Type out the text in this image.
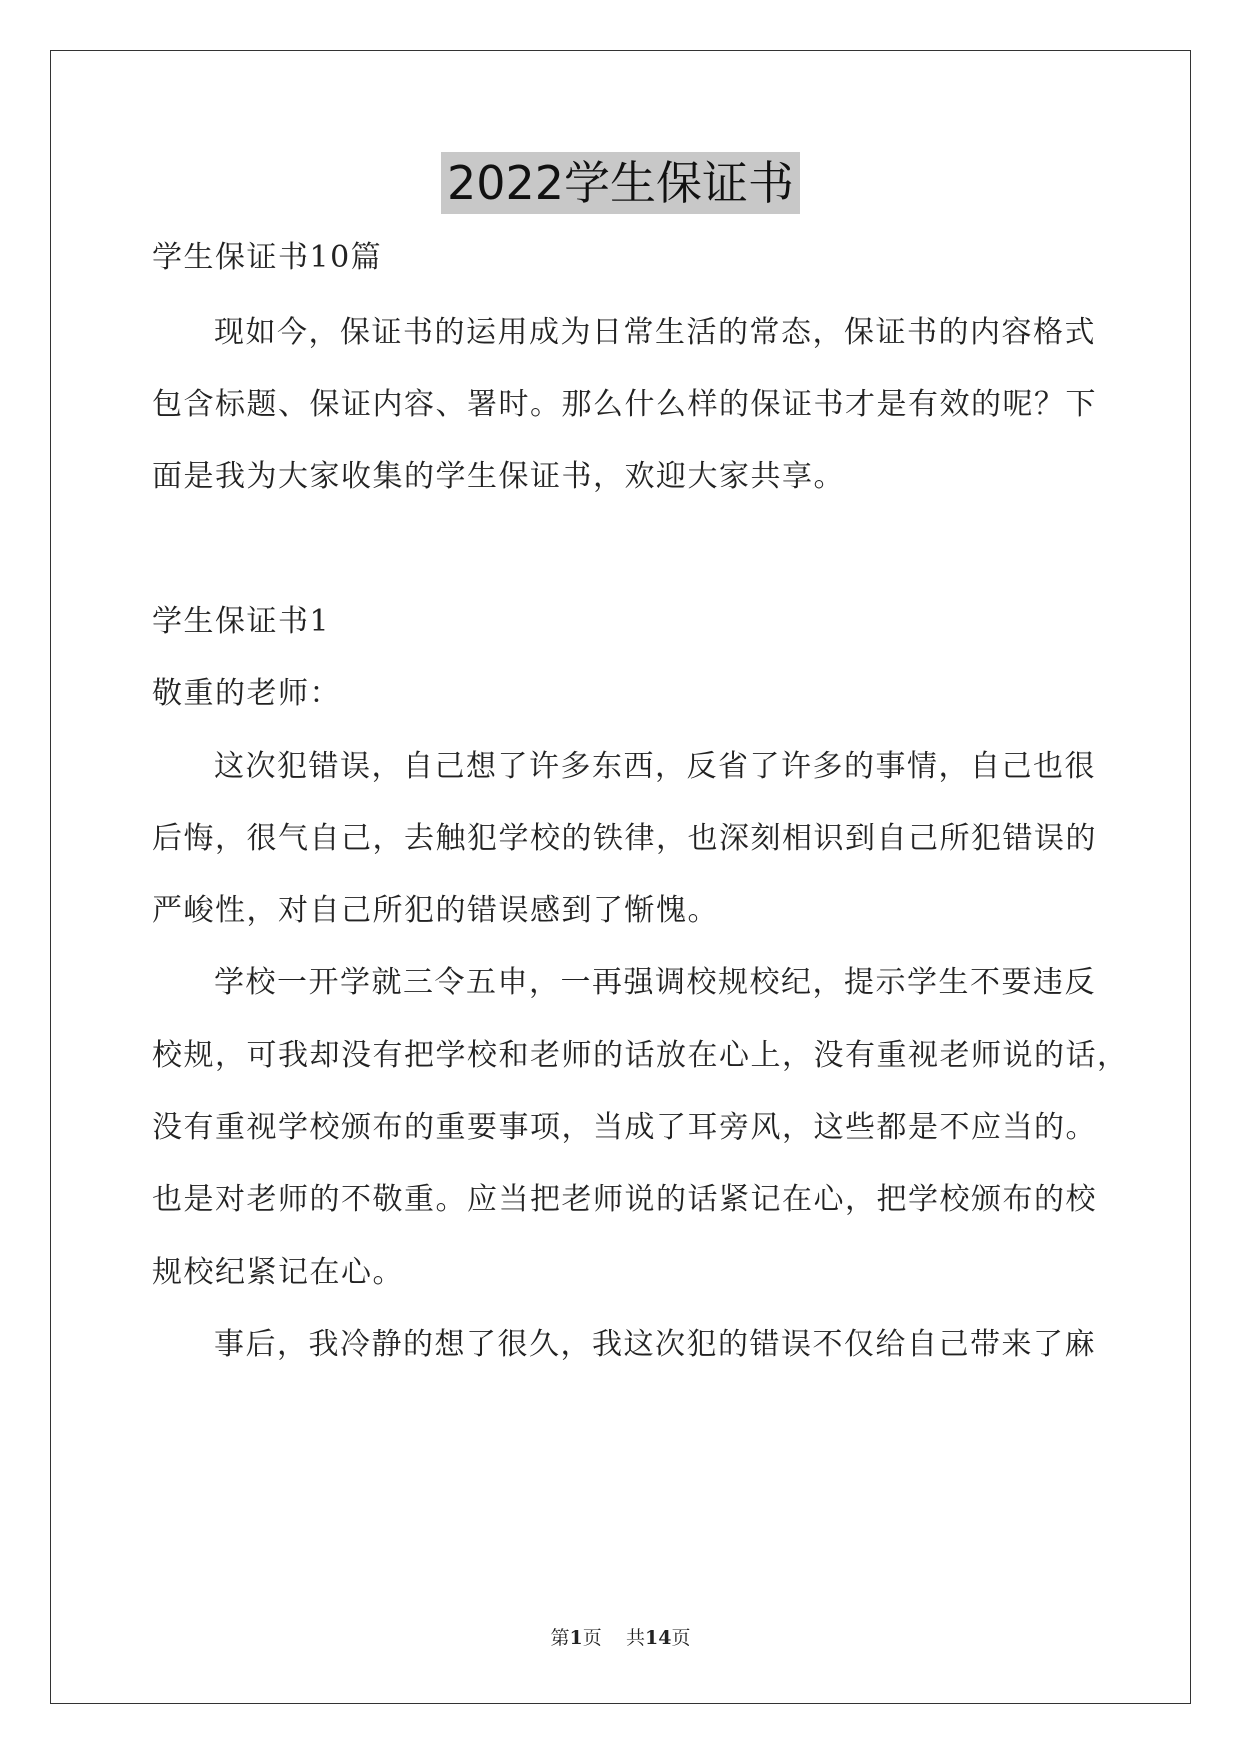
2022学生保证书
学生保证书10篇
现如今，保证书的运用成为日常生活的常态，保证书的内容格式
包含标题、保证内容、署时。那么什么样的保证书才是有效的呢？下
面是我为大家收集的学生保证书，欢迎大家共享。
学生保证书1
敬重的老师：
这次犯错误，自己想了许多东西，反省了许多的事情，自己也很
后悔，很气自己，去触犯学校的铁律，也深刻相识到自己所犯错误的
严峻性，对自己所犯的错误感到了惭愧。
学校一开学就三令五申，一再强调校规校纪，提示学生不要违反
校规，可我却没有把学校和老师的话放在心上，没有重视老师说的话，
没有重视学校颁布的重要事项，当成了耳旁风，这些都是不应当的。
也是对老师的不敬重。应当把老师说的话紧记在心，把学校颁布的校
规校纪紧记在心。
事后，我冷静的想了很久，我这次犯的错误不仅给自己带来了麻
第1页 共14页
